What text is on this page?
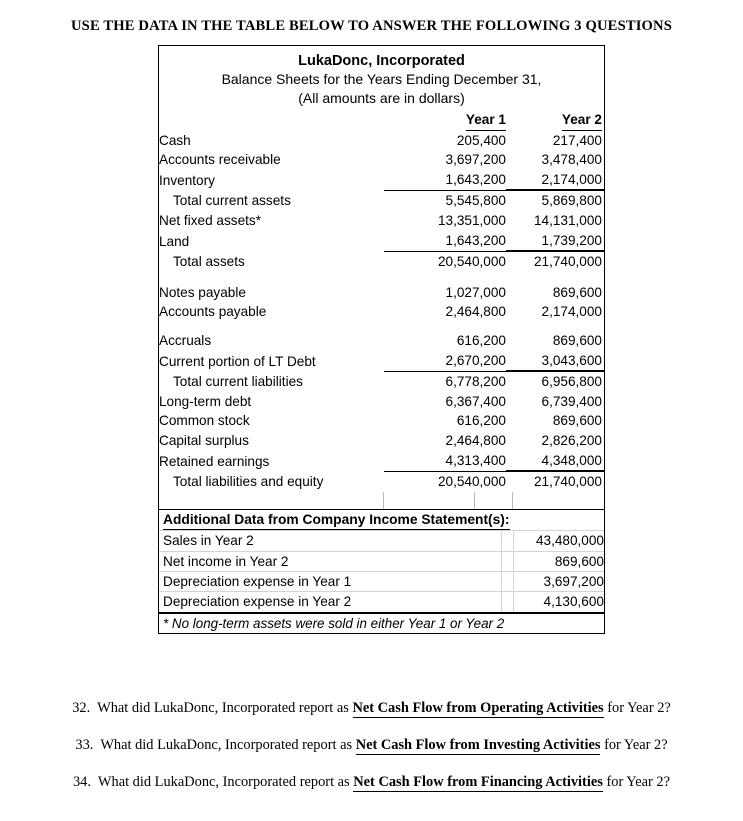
USE THE DATA IN THE TABLE BELOW TO ANSWER THE FOLLOWING 3 QUESTIONS
LukaDonc, Incorporated
Balance Sheets for the Years Ending December 31,
(All amounts are in dollars)
	Year 1	Year 2
Cash	205,400	217,400
Accounts receivable	3,697,200	3,478,400
Inventory	1,643,200	2,174,000
Total current assets	5,545,800	5,869,800
Net fixed assets*	13,351,000	14,131,000
Land	1,643,200	1,739,200
Total assets	20,540,000	21,740,000

Notes payable	1,027,000	869,600
Accounts payable	2,464,800	2,174,000

Accruals	616,200	869,600
Current portion of LT Debt	2,670,200	3,043,600
Total current liabilities	6,778,200	6,956,800
Long-term debt	6,367,400	6,739,400
Common stock	616,200	869,600
Capital surplus	2,464,800	2,826,200
Retained earnings	4,313,400	4,348,000
Total liabilities and equity	20,540,000	21,740,000
Additional Data from Company Income Statement(s):		
Sales in Year 2		43,480,000
Net income in Year 2		869,600
Depreciation expense in Year 1		3,697,200
Depreciation expense in Year 2		4,130,600
* No long-term assets were sold in either Year 1 or Year 2
32. What did LukaDonc, Incorporated report as Net Cash Flow from Operating Activities for Year 2?
33. What did LukaDonc, Incorporated report as Net Cash Flow from Investing Activities for Year 2?
34. What did LukaDonc, Incorporated report as Net Cash Flow from Financing Activities for Year 2?
